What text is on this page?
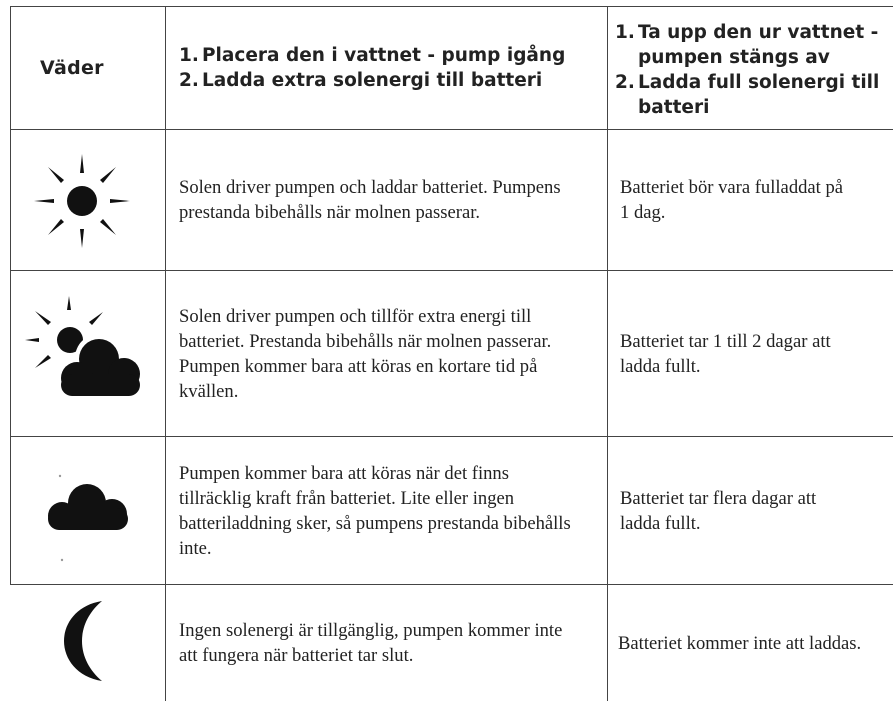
Väder
1. Placera den i vattnet - pump igång
2. Ladda extra solenergi till batteri
1. Ta upp den ur vattnet - pumpen stängs av
2. Ladda full solenergi till batteri
Solen driver pumpen och laddar batteriet. Pumpens prestanda bibehålls när molnen passerar.
Batteriet bör vara fulladdat på 1 dag.
Solen driver pumpen och tillför extra energi till batteriet. Prestanda bibehålls när molnen passerar. Pumpen kommer bara att köras en kortare tid på kvällen.
Batteriet tar 1 till 2 dagar att ladda fullt.
Pumpen kommer bara att köras när det finns tillräcklig kraft från batteriet. Lite eller ingen batteriladdning sker, så pumpens prestanda bibehålls inte.
Batteriet tar flera dagar att ladda fullt.
Ingen solenergi är tillgänglig, pumpen kommer inte att fungera när batteriet tar slut.
Batteriet kommer inte att laddas.
